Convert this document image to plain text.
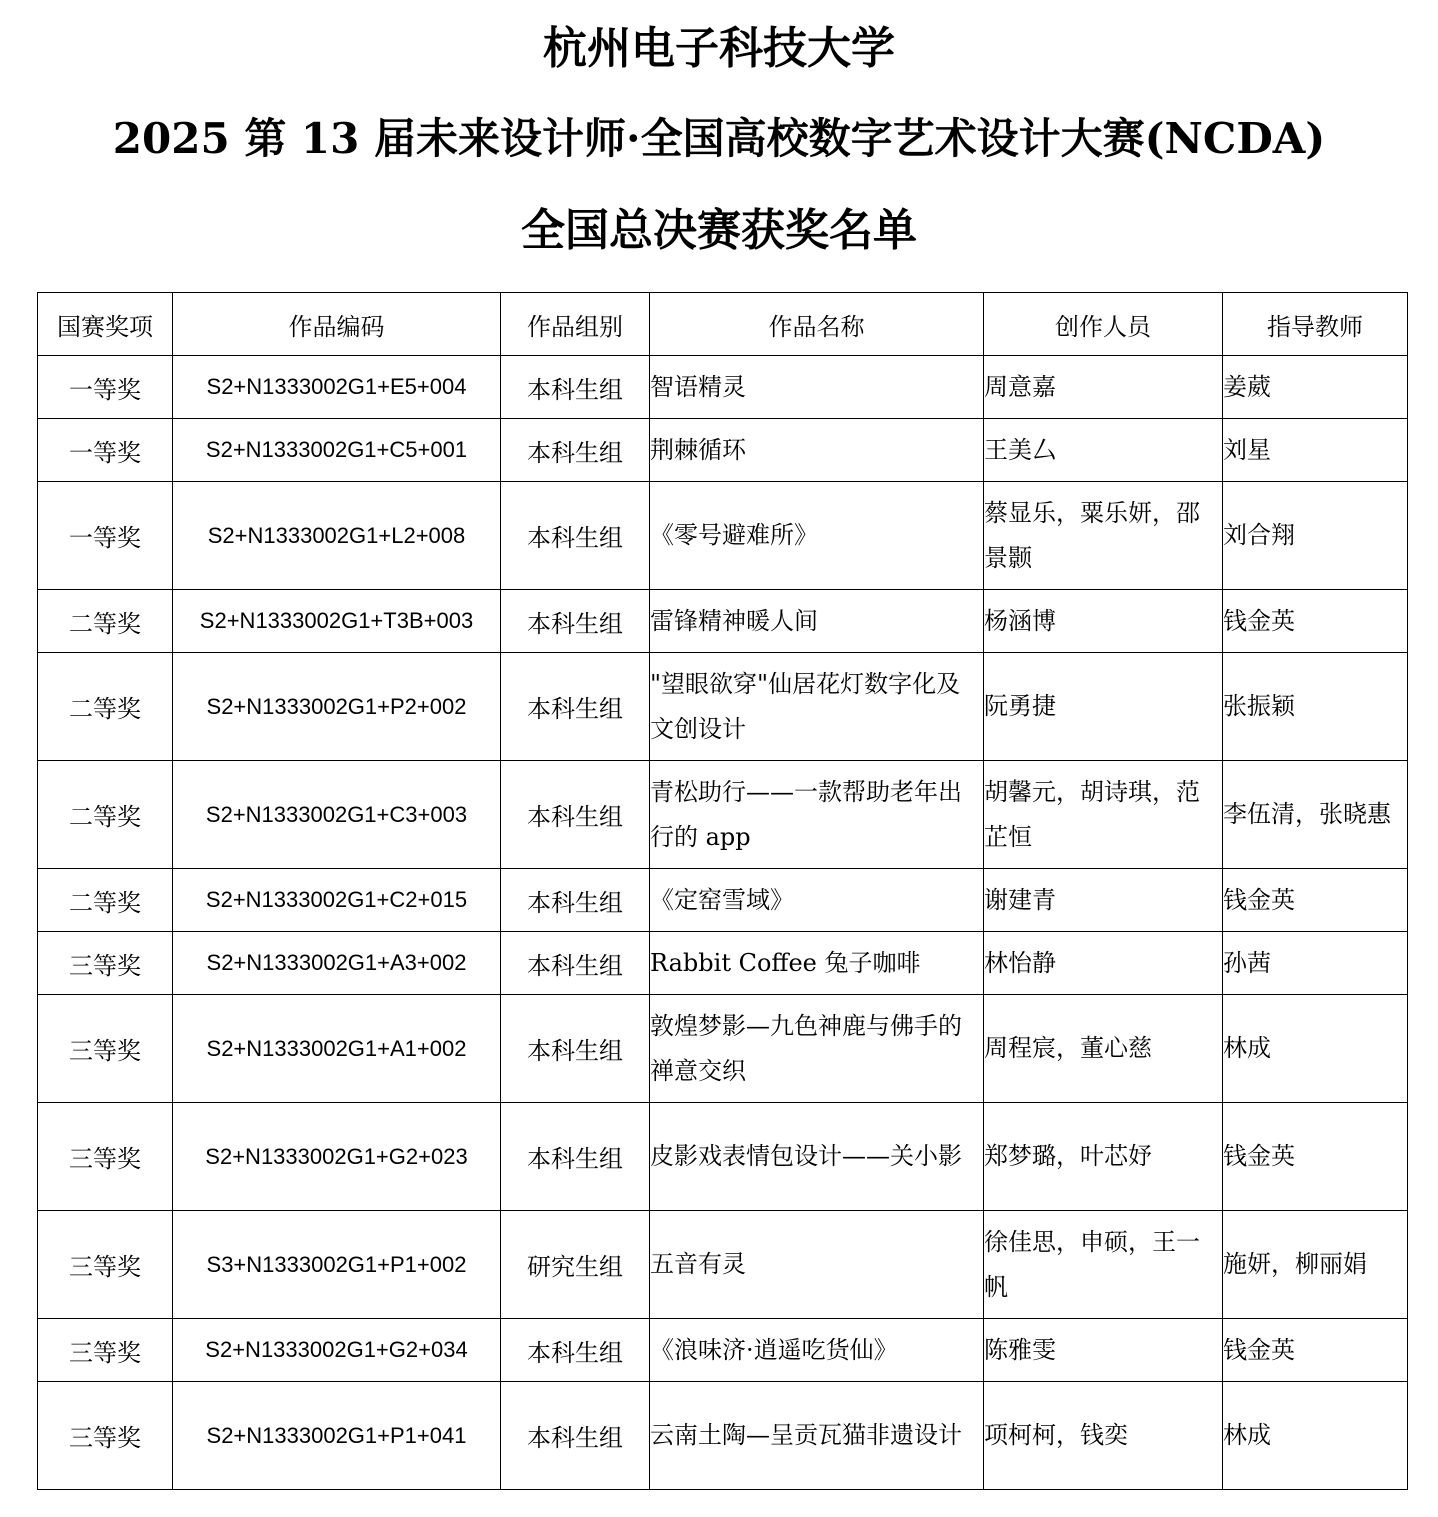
杭州电子科技大学
2025 第 13 届未来设计师·全国高校数字艺术设计大赛(NCDA)
全国总决赛获奖名单
国赛奖项	作品编码	作品组别	作品名称	创作人员	指导教师
一等奖	S2+N1333002G1+E5+004	本科生组	智语精灵	周意嘉	姜葳
一等奖	S2+N1333002G1+C5+001	本科生组	荆棘循环	王美厶	刘星
一等奖	S2+N1333002G1+L2+008	本科生组	《零号避难所》	蔡显乐，粟乐妍，邵景颢	刘合翔
二等奖	S2+N1333002G1+T3B+003	本科生组	雷锋精神暖人间	杨涵博	钱金英
二等奖	S2+N1333002G1+P2+002	本科生组	"望眼欲穿"仙居花灯数字化及文创设计	阮勇捷	张振颖
二等奖	S2+N1333002G1+C3+003	本科生组	青松助行——一款帮助老年出行的 app	胡馨元，胡诗琪，范芷恒	李伍清，张晓惠
二等奖	S2+N1333002G1+C2+015	本科生组	《定窑雪域》	谢建青	钱金英
三等奖	S2+N1333002G1+A3+002	本科生组	Rabbit Coffee 兔子咖啡	林怡静	孙茜
三等奖	S2+N1333002G1+A1+002	本科生组	敦煌梦影—九色神鹿与佛手的禅意交织	周程宸，董心慈	林成
三等奖	S2+N1333002G1+G2+023	本科生组	皮影戏表情包设计——关小影	郑梦璐，叶芯妤	钱金英
三等奖	S3+N1333002G1+P1+002	研究生组	五音有灵	徐佳思，申硕，王一帆	施妍，柳丽娟
三等奖	S2+N1333002G1+G2+034	本科生组	《浪味济·逍遥吃货仙》	陈雅雯	钱金英
三等奖	S2+N1333002G1+P1+041	本科生组	云南土陶—呈贡瓦猫非遗设计	项柯柯，钱奕	林成
